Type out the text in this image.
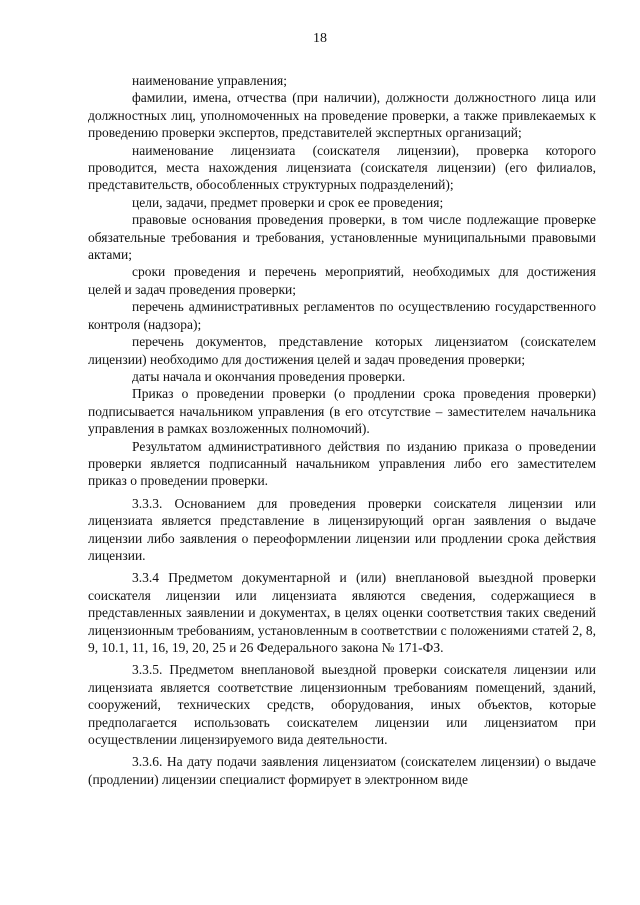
18

наименование управления;

фамилии, имена, отчества (при наличии), должности должностного лица или должностных лиц, уполномоченных на проведение проверки, а также привлекаемых к проведению проверки экспертов, представителей экспертных организаций;

наименование лицензиата (соискателя лицензии), проверка которого проводится, места нахождения лицензиата (соискателя лицензии) (его филиалов, представительств, обособленных структурных подразделений);

цели, задачи, предмет проверки и срок ее проведения;

правовые основания проведения проверки, в том числе подлежащие проверке обязательные требования и требования, установленные муниципальными правовыми актами;

сроки проведения и перечень мероприятий, необходимых для достижения целей и задач проведения проверки;

перечень административных регламентов по осуществлению государственного контроля (надзора);

перечень документов, представление которых лицензиатом (соискателем лицензии) необходимо для достижения целей и задач проведения проверки;

даты начала и окончания проведения проверки.

Приказ о проведении проверки (о продлении срока проведения проверки) подписывается начальником управления (в его отсутствие – заместителем начальника управления в рамках возложенных полномочий).

Результатом административного действия по изданию приказа о проведении проверки является подписанный начальником управления либо его заместителем приказ о проведении проверки.

3.3.3. Основанием для проведения проверки соискателя лицензии или лицензиата является представление в лицензирующий орган заявления о выдаче лицензии либо заявления о переоформлении лицензии или продлении срока действия лицензии.

3.3.4 Предметом документарной и (или) внеплановой выездной проверки соискателя лицензии или лицензиата являются сведения, содержащиеся в представленных заявлении и документах, в целях оценки соответствия таких сведений лицензионным требованиям, установленным в соответствии с положениями статей 2, 8, 9, 10.1, 11, 16, 19, 20, 25 и 26 Федерального закона № 171-ФЗ.

3.3.5. Предметом внеплановой выездной проверки соискателя лицензии или лицензиата является соответствие лицензионным требованиям помещений, зданий, сооружений, технических средств, оборудования, иных объектов, которые предполагается использовать соискателем лицензии или лицензиатом при осуществлении лицензируемого вида деятельности.

3.3.6. На дату подачи заявления лицензиатом (соискателем лицензии) о выдаче (продлении) лицензии специалист формирует в электронном виде
